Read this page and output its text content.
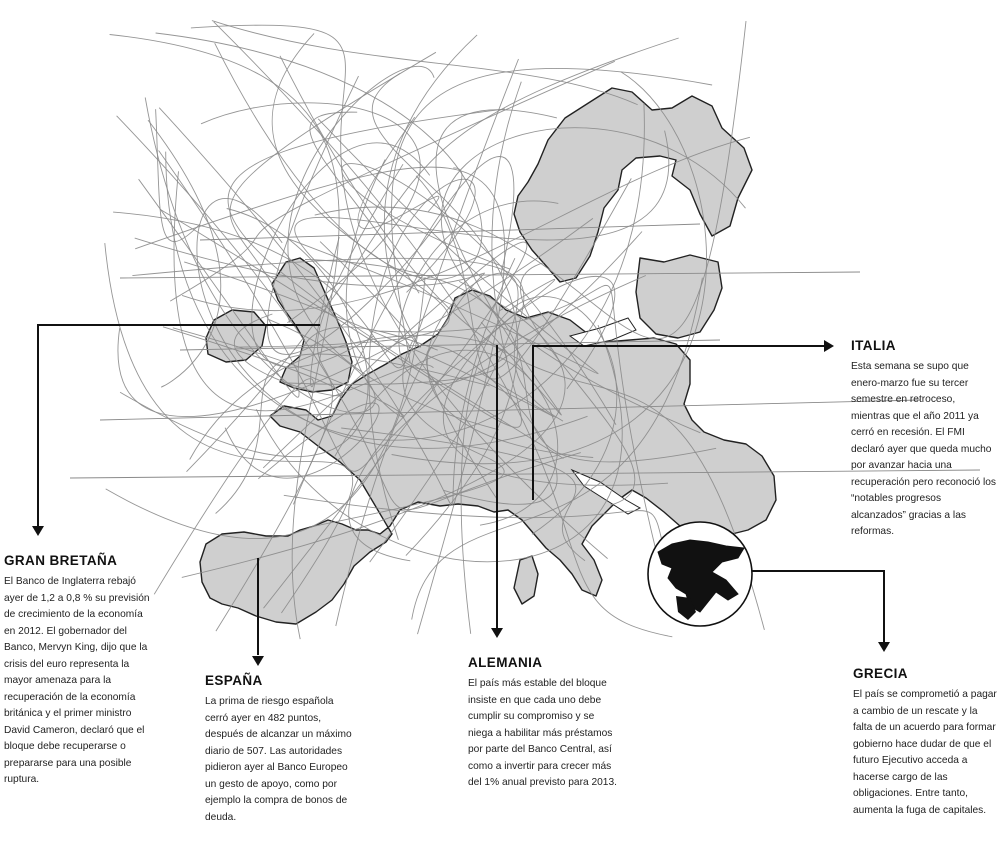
GRAN BRETAÑA

El Banco de Inglaterra rebajó ayer de 1,2 a 0,8 % su previsión de crecimiento de la economía en 2012. El gobernador del Banco, Mervyn King, dijo que la crisis del euro representa la mayor amenaza para la recuperación de la economía británica y el primer ministro David Cameron, declaró que el bloque debe recuperarse o prepararse para una posible ruptura.

ESPAÑA

La prima de riesgo española cerró ayer en 482 puntos, después de alcanzar un máximo diario de 507. Las autoridades pidieron ayer al Banco Europeo un gesto de apoyo, como por ejemplo la compra de bonos de deuda.

ALEMANIA

El país más estable del bloque insiste en que cada uno debe cumplir su compromiso y se niega a habilitar más préstamos por parte del Banco Central, así como a invertir para crecer más del 1% anual previsto para 2013.

ITALIA

Esta semana se supo que enero-marzo fue su tercer semestre en retroceso, mientras que el año 2011 ya cerró en recesión. El FMI declaró ayer que queda mucho por avanzar hacia una recuperación pero reconoció los “notables progresos alcanzados” gracias a las reformas.

GRECIA

El país se comprometió a pagar a cambio de un rescate y la falta de un acuerdo para formar gobierno hace dudar de que el futuro Ejecutivo acceda a hacerse cargo de las obligaciones. Entre tanto, aumenta la fuga de capitales.
